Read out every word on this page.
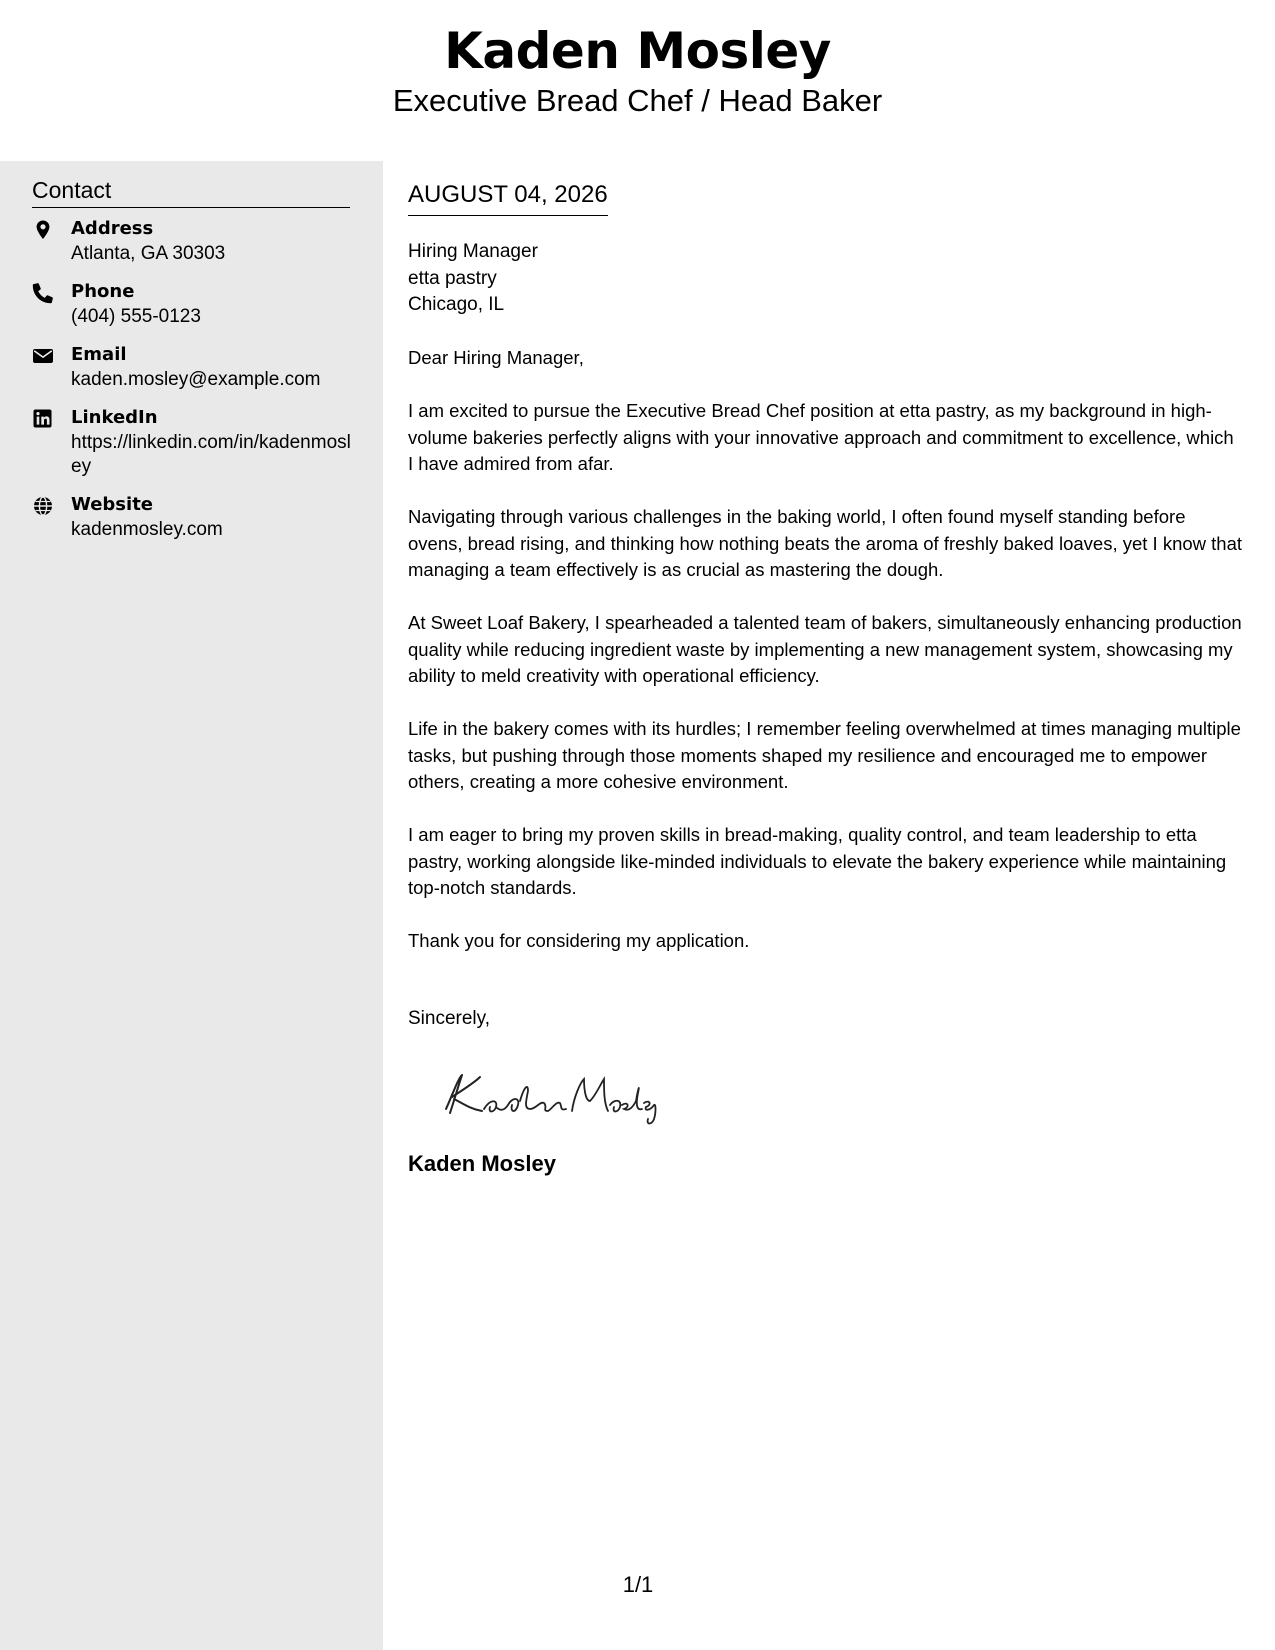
Kaden Mosley
Executive Bread Chef / Head Baker
Contact
Address
Atlanta, GA 30303
Phone
(404) 555-0123
Email
kaden.mosley@example.com
LinkedIn
https://linkedin.com/in/kadenmosley
Website
kadenmosley.com
AUGUST 04, 2026
Hiring Manager
etta pastry
Chicago, IL

Dear Hiring Manager,

I am excited to pursue the Executive Bread Chef position at etta pastry, as my background in high-volume bakeries perfectly aligns with your innovative approach and commitment to excellence, which I have admired from afar.

Navigating through various challenges in the baking world, I often found myself standing before ovens, bread rising, and thinking how nothing beats the aroma of freshly baked loaves, yet I know that managing a team effectively is as crucial as mastering the dough.

At Sweet Loaf Bakery, I spearheaded a talented team of bakers, simultaneously enhancing production quality while reducing ingredient waste by implementing a new management system, showcasing my ability to meld creativity with operational efficiency.

Life in the bakery comes with its hurdles; I remember feeling overwhelmed at times managing multiple tasks, but pushing through those moments shaped my resilience and encouraged me to empower others, creating a more cohesive environment.

I am eager to bring my proven skills in bread-making, quality control, and team leadership to etta pastry, working alongside like-minded individuals to elevate the bakery experience while maintaining top-notch standards.

Thank you for considering my application.

Sincerely,
Kaden Mosley
1/1
